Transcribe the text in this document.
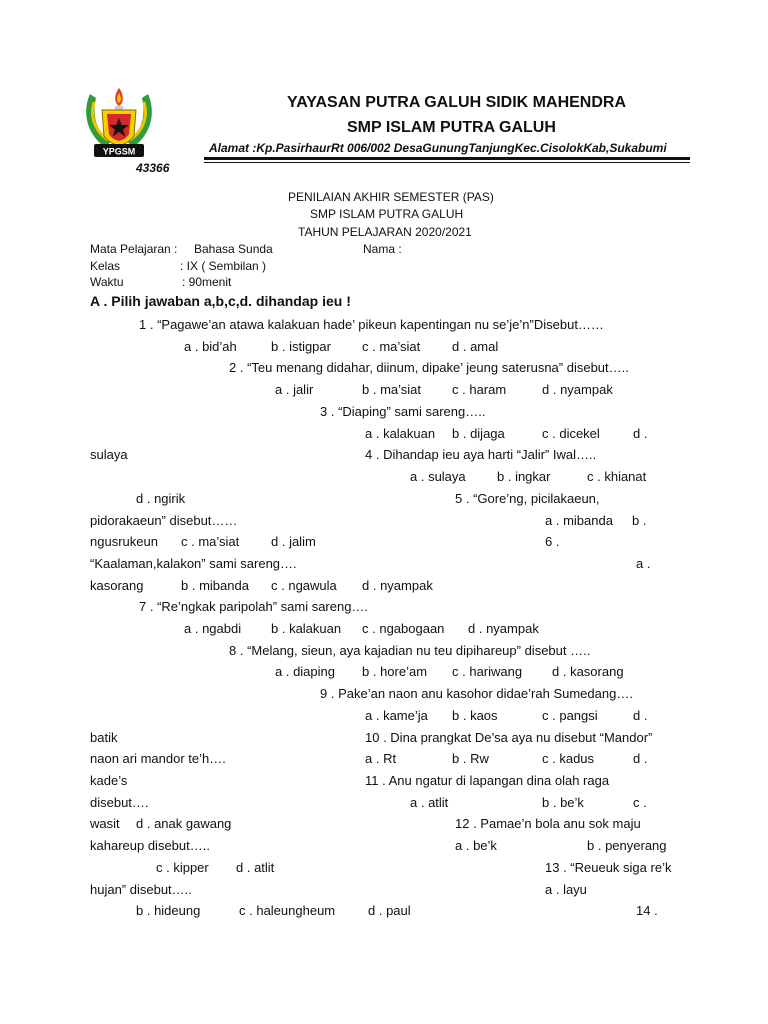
YPGSM
YAYASAN PUTRA GALUH SIDIK MAHENDRA
SMP ISLAM PUTRA GALUH
Alamat :Kp.PasirhaurRt 006/002 DesaGunungTanjungKec.CisolokKab,Sukabumi
43366
PENILAIAN AKHIR SEMESTER (PAS)
SMP ISLAM PUTRA GALUH
TAHUN PELAJARAN 2020/2021
Mata Pelajaran : Bahasa Sunda	Nama :
Kelas	: IX ( Sembilan )
Waktu	: 90menit
A . Pilih jawaban a,b,c,d. dihandap ieu !
1 . “Pagawe’an atawa kalakuan hade’ pikeun kapentingan nu se’je’n”Disebut……
a . bid’ah	b . istigpar c . ma’siat d . amal
2 . “Teu menang didahar, diinum, dipake’ jeung saterusna” disebut…..
a . jalir	b . ma’siat c . haram	d . nyampak
3 . “Diaping” sami sareng…..
a . kalakuan b . dijaga	c . dicekel	d .
sulaya	4 . Dihandap ieu aya harti “Jalir” Iwal…..
a . sulaya b . ingkar	c . khianat
d . ngirik	5 . “Gore’ng, picilakaeun,
pidorakaeun” disebut……	a . mibanda b .
ngusrukeun c . ma’siat d . jalim	6 .
“Kaalaman,kalakon” sami sareng….	a .
kasorang	b . mibanda c . ngawula d . nyampak
7 . “Re’ngkak paripolah” sami sareng….
a . ngabdi b . kalakuan c . ngabogaan d . nyampak
8 . “Melang, sieun, aya kajadian nu teu dipihareup” disebut …..
a . diaping b . hore’am c . hariwang d . kasorang
9 . Pake’an naon anu kasohor didae’rah Sumedang….
a . kame’ja b . kaos	c . pangsi	d .
batik	10 . Dina prangkat De’sa aya nu disebut “Mandor”
naon ari mandor te’h….	a . Rt	b . Rw	c . kadus	d .
kade’s	11 . Anu ngatur di lapangan dina olah raga
disebut….	a . atlit	b . be’k	c .
wasit d . anak gawang	12 . Pamae’n bola anu sok maju
kahareup disebut…..	a . be’k	b . penyerang
c . kipper d . atlit	13 . “Reueuk siga re’k
hujan” disebut…..	a . layu
b . hideung	c . haleungheum	d . paul	14 .
